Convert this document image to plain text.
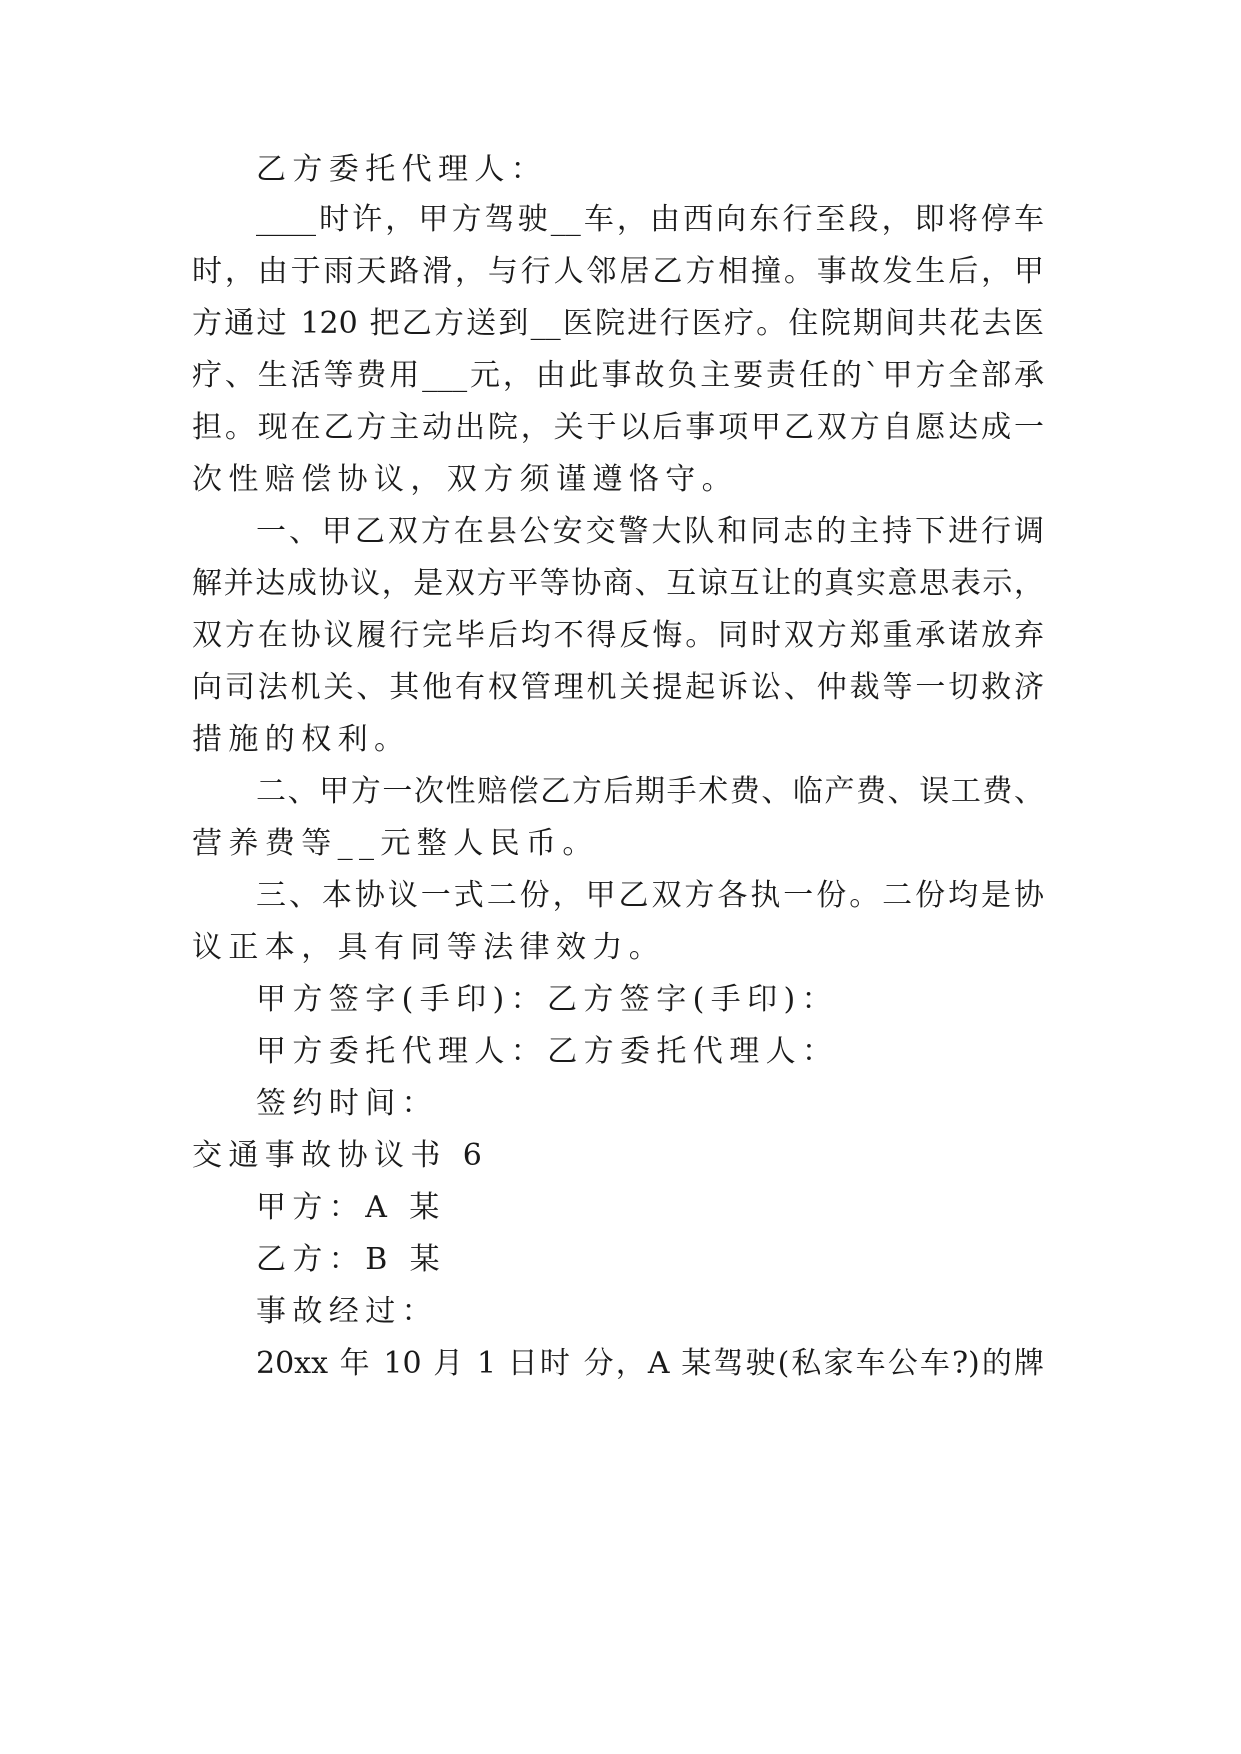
乙方委托代理人：
____时许，甲方驾驶__车，由西向东行至段，即将停车
时，由于雨天路滑，与行人邻居乙方相撞。事故发生后，甲
方通过 120 把乙方送到__医院进行医疗。住院期间共花去医
疗、生活等费用___元，由此事故负主要责任的`甲方全部承
担。现在乙方主动出院，关于以后事项甲乙双方自愿达成一
次性赔偿协议，双方须谨遵恪守。
一、甲乙双方在县公安交警大队和同志的主持下进行调
解并达成协议，是双方平等协商、互谅互让的真实意思表示，
双方在协议履行完毕后均不得反悔。同时双方郑重承诺放弃
向司法机关、其他有权管理机关提起诉讼、仲裁等一切救济
措施的权利。
二、甲方一次性赔偿乙方后期手术费、临产费、误工费、
营养费等__元整人民币。
三、本协议一式二份，甲乙双方各执一份。二份均是协
议正本，具有同等法律效力。
甲方签字(手印)：乙方签字(手印)：
甲方委托代理人：乙方委托代理人：
签约时间：
交通事故协议书 6
甲方：A 某
乙方：B 某
事故经过：
20xx 年 10 月 1 日时 分，A 某驾驶(私家车公车?)的牌
